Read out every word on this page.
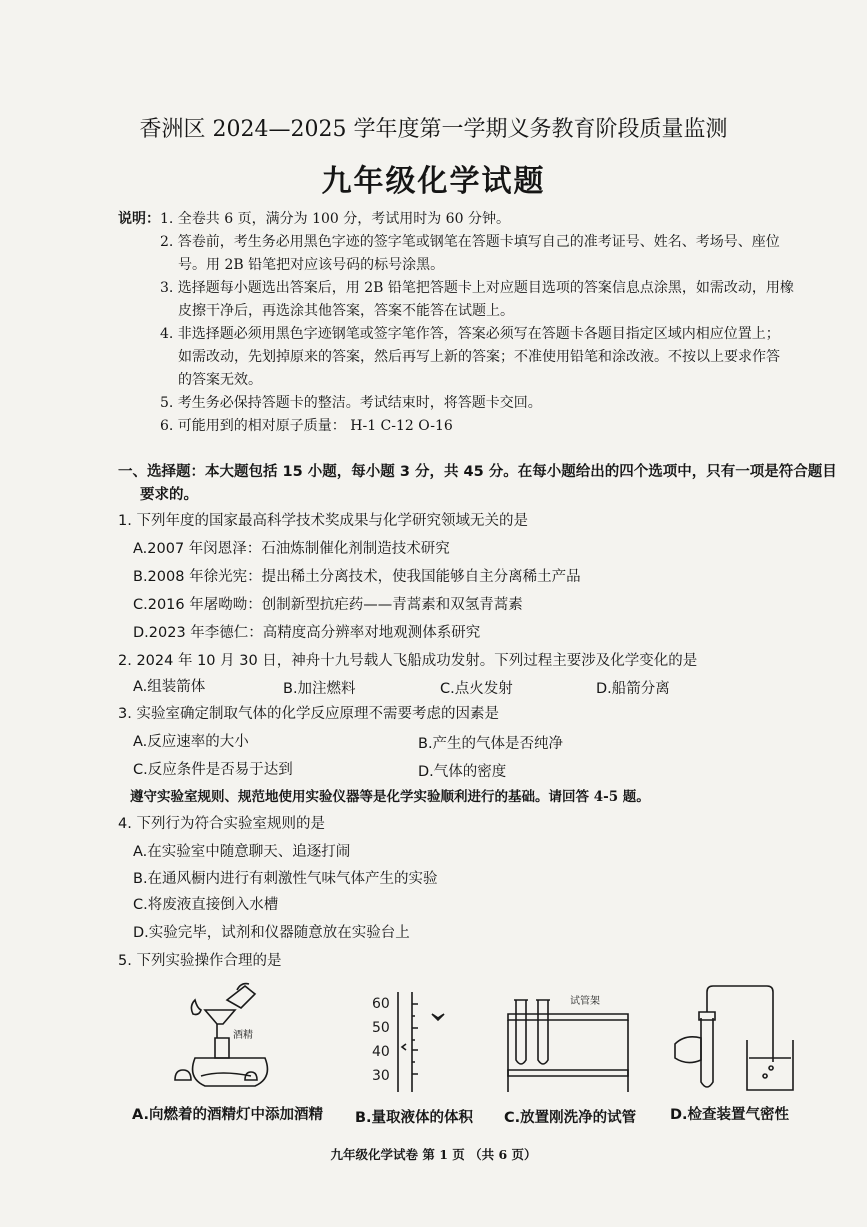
香洲区 2024—2025 学年度第一学期义务教育阶段质量监测
九年级化学试题
说明： 1. 全卷共 6 页，满分为 100 分，考试用时为 60 分钟。
2. 答卷前，考生务必用黑色字迹的签字笔或钢笔在答题卡填写自己的准考证号、姓名、考场号、座位
号。用 2B 铅笔把对应该号码的标号涂黑。
3. 选择题每小题选出答案后，用 2B 铅笔把答题卡上对应题目选项的答案信息点涂黑，如需改动，用橡
皮擦干净后，再选涂其他答案，答案不能答在试题上。
4. 非选择题必须用黑色字迹钢笔或签字笔作答，答案必须写在答题卡各题目指定区域内相应位置上；
如需改动，先划掉原来的答案，然后再写上新的答案；不准使用铅笔和涂改液。不按以上要求作答
的答案无效。
5. 考生务必保持答题卡的整洁。考试结束时，将答题卡交回。
6. 可能用到的相对原子质量： H-1 C-12 O-16
一、选择题：本大题包括 15 小题，每小题 3 分，共 45 分。在每小题给出的四个选项中，只有一项是符合题目
要求的。
1. 下列年度的国家最高科学技术奖成果与化学研究领域无关的是
A.2007 年闵恩泽：石油炼制催化剂制造技术研究
B.2008 年徐光宪：提出稀土分离技术，使我国能够自主分离稀土产品
C.2016 年屠呦呦：创制新型抗疟药——青蒿素和双氢青蒿素
D.2023 年李德仁：高精度高分辨率对地观测体系研究
2. 2024 年 10 月 30 日，神舟十九号载人飞船成功发射。下列过程主要涉及化学变化的是
A.组装箭体	B.加注燃料	C.点火发射	D.船箭分离
3. 实验室确定制取气体的化学反应原理不需要考虑的因素是
A.反应速率的大小	B.产生的气体是否纯净
C.反应条件是否易于达到	D.气体的密度
遵守实验室规则、规范地使用实验仪器等是化学实验顺利进行的基础。请回答 4-5 题。
4. 下列行为符合实验室规则的是
A.在实验室中随意聊天、追逐打闹
B.在通风橱内进行有刺激性气味气体产生的实验
C.将废液直接倒入水槽
D.实验完毕，试剂和仪器随意放在实验台上
5. 下列实验操作合理的是
酒精
60
50
40
30
试管架
A.向燃着的酒精灯中添加酒精 B.量取液体的体积 C.放置刚洗净的试管 D.检查装置气密性
九年级化学试卷 第 1 页 （共 6 页）
